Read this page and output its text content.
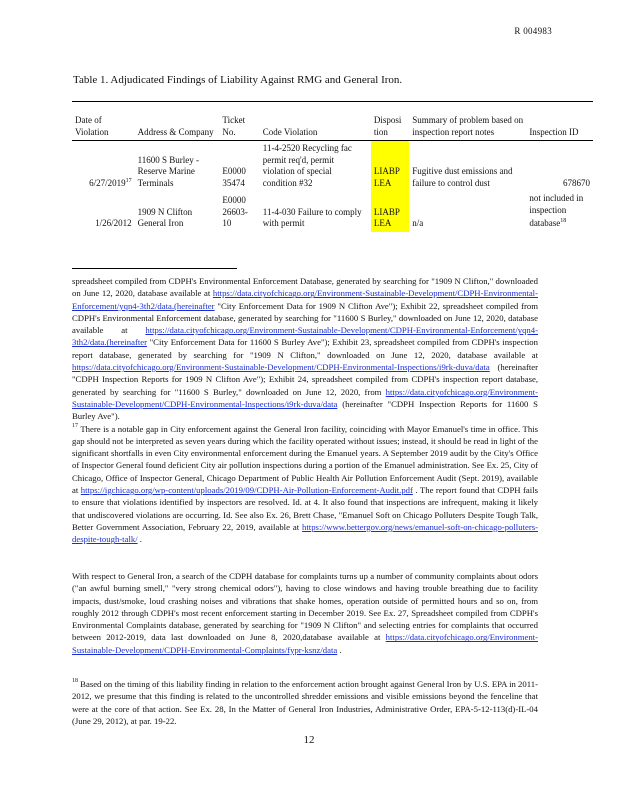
R 004983
Table 1. Adjudicated Findings of Liability Against RMG and General Iron.
Date of Violation	Address & Company	Ticket No.	Code Violation	Disposi tion	Summary of problem based on inspection report notes	Inspection ID
6/27/2019$^{17}$	11600 S Burley - Reserve Marine Terminals	E0000 35474	11-4-2520 Recycling fac permit req'd, permit violation of special condition #32	LIABP LEA	Fugitive dust emissions and failure to control dust	678670
1/26/2012	1909 N Clifton General Iron	E0000 26603-10	11-4-030 Failure to comply with permit	LIABP LEA	n/a	not included in inspection database$^{18}$
spreadsheet compiled from CDPH's Environmental Enforcement Database, generated by searching for "1909 N Clifton," downloaded on June 12, 2020, database available at https://data.cityofchicago.org/Environment-Sustainable-Development/CDPH-Environmental-Enforcement/yqn4-3th2/data.(hereinafter "City Enforcement Data for 1909 N Clifton Ave"); Exhibit 22, spreadsheet compiled from CDPH's Environmental Enforcement database, generated by searching for "11600 S Burley," downloaded on June 12, 2020, database available at https://data.cityofchicago.org/Environment-Sustainable-Development/CDPH-Environmental-Enforcement/yqn4-3th2/data.(hereinafter "City Enforcement Data for 11600 S Burley Ave"); Exhibit 23, spreadsheet compiled from CDPH's inspection report database, generated by searching for "1909 N Clifton," downloaded on June 12, 2020, database available at https://data.cityofchicago.org/Environment-Sustainable-Development/CDPH-Environmental-Inspections/i9rk-duva/data (hereinafter "CDPH Inspection Reports for 1909 N Clifton Ave"); Exhibit 24, spreadsheet compiled from CDPH's inspection report database, generated by searching for "11600 S Burley," downloaded on June 12, 2020, from https://data.cityofchicago.org/Environment-Sustainable-Development/CDPH-Environmental-Inspections/i9rk-duva/data (hereinafter "CDPH Inspection Reports for 11600 S Burley Ave").
$^{17}$ There is a notable gap in City enforcement against the General Iron facility, coinciding with Mayor Emanuel's time in office. This gap should not be interpreted as seven years during which the facility operated without issues; instead, it should be read in light of the significant shortfalls in even City environmental enforcement during the Emanuel years. A September 2019 audit by the City's Office of Inspector General found deficient City air pollution inspections during a portion of the Emanuel administration. See Ex. 25, City of Chicago, Office of Inspector General, Chicago Department of Public Health Air Pollution Enforcement Audit (Sept. 2019), available at https://igchicago.org/wp-content/uploads/2019/09/CDPH-Air-Pollution-Enforcement-Audit.pdf . The report found that CDPH fails to ensure that violations identified by inspectors are resolved. Id. at 4. It also found that inspections are infrequent, making it likely that undiscovered violations are occurring. Id. See also Ex. 26, Brett Chase, "Emanuel Soft on Chicago Polluters Despite Tough Talk, Better Government Association, February 22, 2019, available at https://www.bettergov.org/news/emanuel-soft-on-chicago-polluters-despite-tough-talk/ .
With respect to General Iron, a search of the CDPH database for complaints turns up a number of community complaints about odors ("an awful burning smell," "very strong chemical odors"), having to close windows and having trouble breathing due to facility impacts, dust/smoke, loud crashing noises and vibrations that shake homes, operation outside of permitted hours and so on, from roughly 2012 through CDPH's most recent enforcement starting in December 2019. See Ex. 27, Spreadsheet compiled from CDPH's Environmental Complaints database, generated by searching for "1909 N Clifton" and selecting entries for complaints that occurred between 2012-2019, data last downloaded on June 8, 2020,database available at https://data.cityofchicago.org/Environment-Sustainable-Development/CDPH-Environmental-Complaints/fypr-ksnz/data .
$^{18}$ Based on the timing of this liability finding in relation to the enforcement action brought against General Iron by U.S. EPA in 2011-2012, we presume that this finding is related to the uncontrolled shredder emissions and visible emissions beyond the fenceline that were at the core of that action. See Ex. 28, In the Matter of General Iron Industries, Administrative Order, EPA-5-12-113(d)-IL-04 (June 29, 2012), at par. 19-22.
12
